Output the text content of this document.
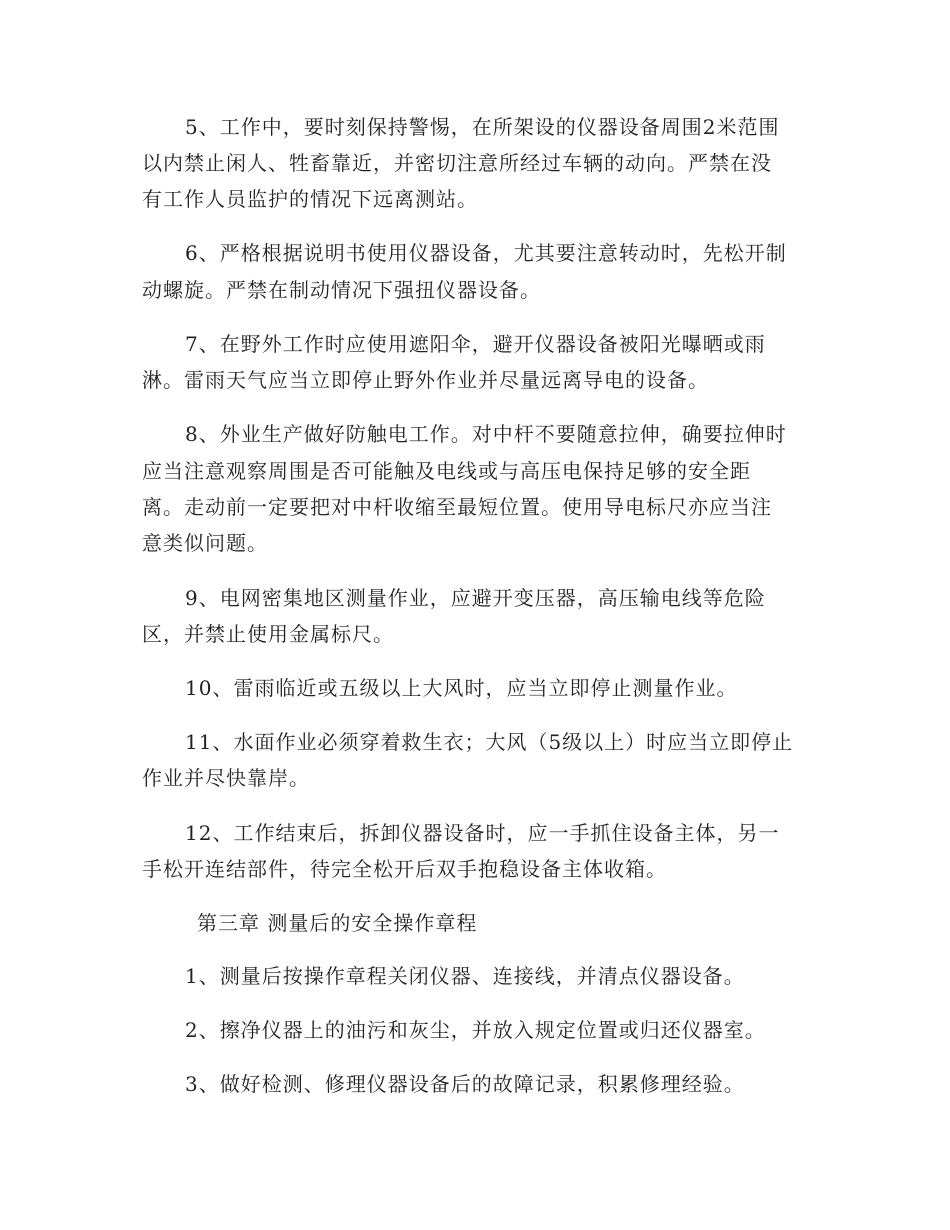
5、工作中，要时刻保持警惕，在所架设的仪器设备周围2米范围
以内禁止闲人、牲畜靠近，并密切注意所经过车辆的动向。严禁在没
有工作人员监护的情况下远离测站。
6、严格根据说明书使用仪器设备，尤其要注意转动时，先松开制
动螺旋。严禁在制动情况下强扭仪器设备。
7、在野外工作时应使用遮阳伞，避开仪器设备被阳光曝晒或雨
淋。雷雨天气应当立即停止野外作业并尽量远离导电的设备。
8、外业生产做好防触电工作。对中杆不要随意拉伸，确要拉伸时
应当注意观察周围是否可能触及电线或与高压电保持足够的安全距
离。走动前一定要把对中杆收缩至最短位置。使用导电标尺亦应当注
意类似问题。
9、电网密集地区测量作业，应避开变压器，高压输电线等危险
区，并禁止使用金属标尺。
10、雷雨临近或五级以上大风时，应当立即停止测量作业。
11、水面作业必须穿着救生衣；大风（5级以上）时应当立即停止
作业并尽快靠岸。
12、工作结束后，拆卸仪器设备时，应一手抓住设备主体，另一
手松开连结部件，待完全松开后双手抱稳设备主体收箱。
第三章 测量后的安全操作章程
1、测量后按操作章程关闭仪器、连接线，并清点仪器设备。
2、擦净仪器上的油污和灰尘，并放入规定位置或归还仪器室。
3、做好检测、修理仪器设备后的故障记录，积累修理经验。
